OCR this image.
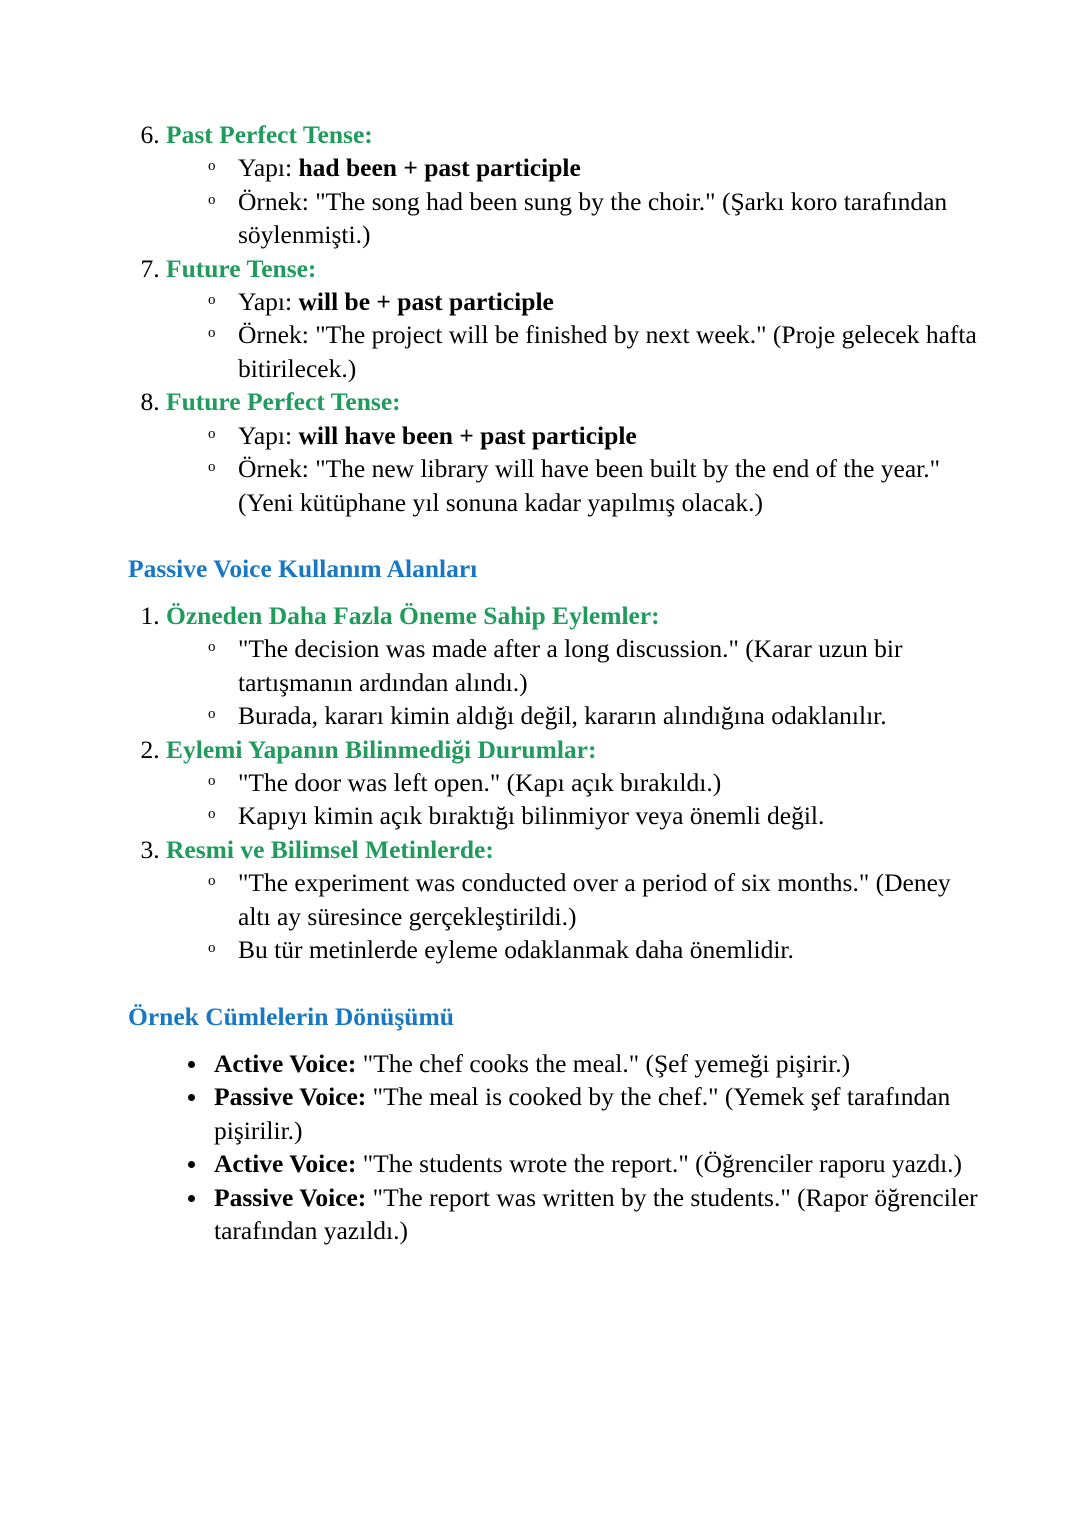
6. Past Perfect Tense:
o Yapı: had been + past participle
o Örnek: "The song had been sung by the choir." (Şarkı koro tarafından söylenmişti.)
7. Future Tense:
o Yapı: will be + past participle
o Örnek: "The project will be finished by next week." (Proje gelecek hafta bitirilecek.)
8. Future Perfect Tense:
o Yapı: will have been + past participle
o Örnek: "The new library will have been built by the end of the year." (Yeni kütüphane yıl sonuna kadar yapılmış olacak.)
Passive Voice Kullanım Alanları
1. Özneden Daha Fazla Öneme Sahip Eylemler:
o "The decision was made after a long discussion." (Karar uzun bir tartışmanın ardından alındı.)
o Burada, kararı kimin aldığı değil, kararın alındığına odaklanılır.
2. Eylemi Yapanın Bilinmediği Durumlar:
o "The door was left open." (Kapı açık bırakıldı.)
o Kapıyı kimin açık bıraktığı bilinmiyor veya önemli değil.
3. Resmi ve Bilimsel Metinlerde:
o "The experiment was conducted over a period of six months." (Deney altı ay süresince gerçekleştirildi.)
o Bu tür metinlerde eyleme odaklanmak daha önemlidir.
Örnek Cümlelerin Dönüşümü
Active Voice: "The chef cooks the meal." (Şef yemeği pişirir.)
Passive Voice: "The meal is cooked by the chef." (Yemek şef tarafından pişirilir.)
Active Voice: "The students wrote the report." (Öğrenciler raporu yazdı.)
Passive Voice: "The report was written by the students." (Rapor öğrenciler tarafından yazıldı.)
